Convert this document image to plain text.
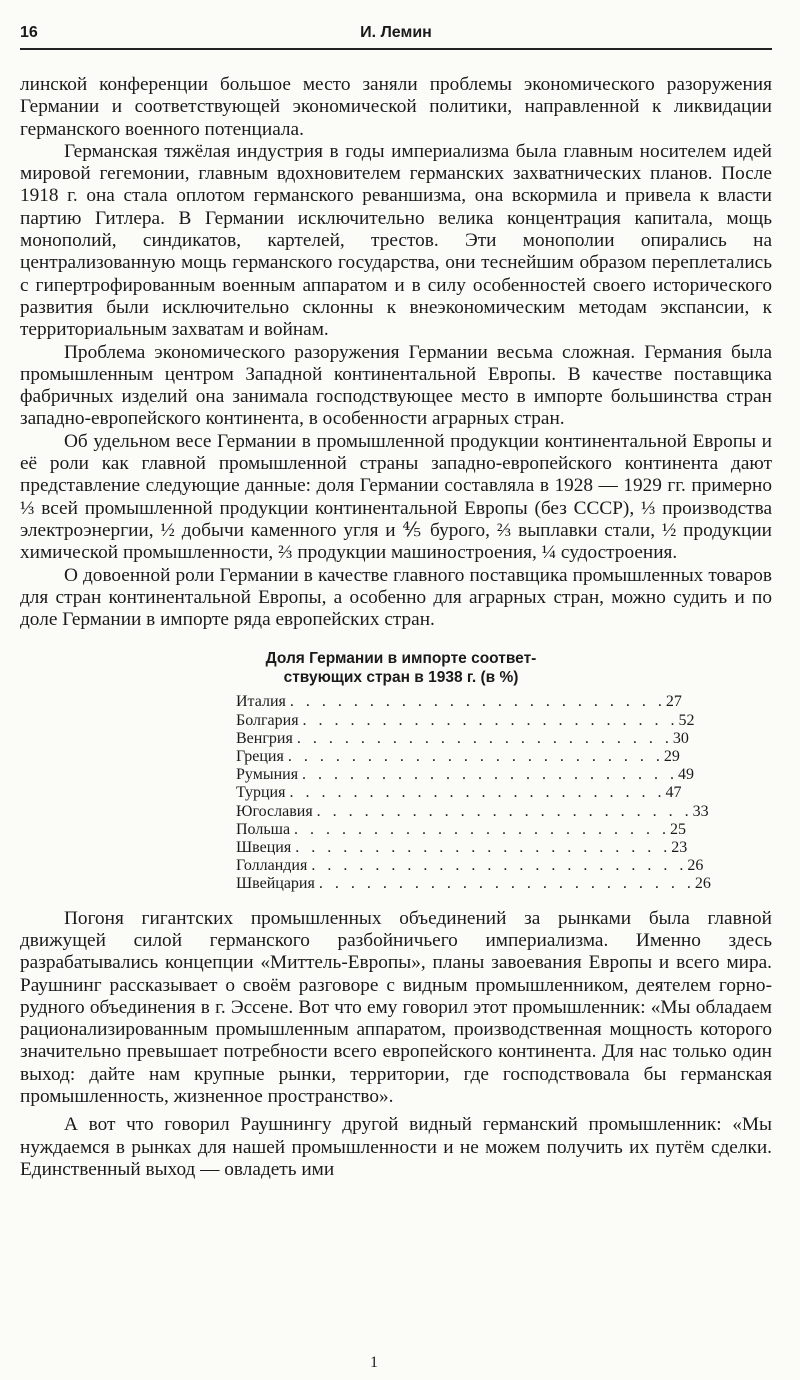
16	И. Лемин

линской конференции большое место заняли проблемы экономического разоружения Германии и соответствующей экономической политики, направленной к ликвидации германского военного потенциала.

Германская тяжёлая индустрия в годы империализма была главным носителем идей мировой гегемонии, главным вдохновителем германских захватнических планов. После 1918 г. она стала оплотом германского реваншизма, она вскормила и привела к власти партию Гитлера. В Германии исключительно велика концентрация капитала, мощь монополий, синдикатов, картелей, трестов. Эти монополии опирались на централизованную мощь германского государства, они теснейшим образом переплетались с гипертрофированным военным аппаратом и в силу особенностей своего исторического развития были исключительно склонны к внеэкономическим методам экспансии, к территориальным захватам и войнам.

Проблема экономического разоружения Германии весьма сложная. Германия была промышленным центром Западной континентальной Европы. В качестве поставщика фабричных изделий она занимала господствующее место в импорте большинства стран западно-европейского континента, в особенности аграрных стран.

Об удельном весе Германии в промышленной продукции континентальной Европы и её роли как главной промышленной страны западно-европейского континента дают представление следующие данные: доля Германии составляла в 1928 — 1929 гг. примерно ⅓ всей промышленной продукции континентальной Европы (без СССР), ⅓ производства электроэнергии, ½ добычи каменного угля и ⅘ бурого, ⅔ выплавки стали, ½ продукции химической промышленности, ⅔ продукции машиностроения, ¼ судостроения.

О довоенной роли Германии в качестве главного поставщика промышленных товаров для стран континентальной Европы, а особенно для аграрных стран, можно судить и по доле Германии в импорте ряда европейских стран.

Доля Германии в импорте соответ-
ствующих стран в 1938 г. (в %)
Италия . . . . . . . . . . . . . . . . . . . . . . . . 27
Болгария . . . . . . . . . . . . . . . . . . . . . . . . 52
Венгрия . . . . . . . . . . . . . . . . . . . . . . . . 30
Греция . . . . . . . . . . . . . . . . . . . . . . . . 29
Румыния . . . . . . . . . . . . . . . . . . . . . . . . 49
Турция . . . . . . . . . . . . . . . . . . . . . . . . 47
Югославия . . . . . . . . . . . . . . . . . . . . . . . . 33
Польша . . . . . . . . . . . . . . . . . . . . . . . . 25
Швеция . . . . . . . . . . . . . . . . . . . . . . . . 23
Голландия . . . . . . . . . . . . . . . . . . . . . . . . 26
Швейцария . . . . . . . . . . . . . . . . . . . . . . . . 26

Погоня гигантских промышленных объединений за рынками была главной движущей силой германского разбойничьего империализма. Именно здесь разрабатывались концепции «Миттель-Европы», планы завоевания Европы и всего мира. Раушнинг рассказывает о своём разговоре с видным промышленником, деятелем горно-рудного объединения в г. Эссене. Вот что ему говорил этот промышленник: «Мы обладаем рационализированным промышленным аппаратом, производственная мощность которого значительно превышает потребности всего европейского континента. Для нас только один выход: дайте нам крупные рынки, территории, где господствовала бы германская промышленность, жизненное пространство».

А вот что говорил Раушнингу другой видный германский промышленник: «Мы нуждаемся в рынках для нашей промышленности и не можем получить их путём сделки. Единственный выход — овладеть ими

1
